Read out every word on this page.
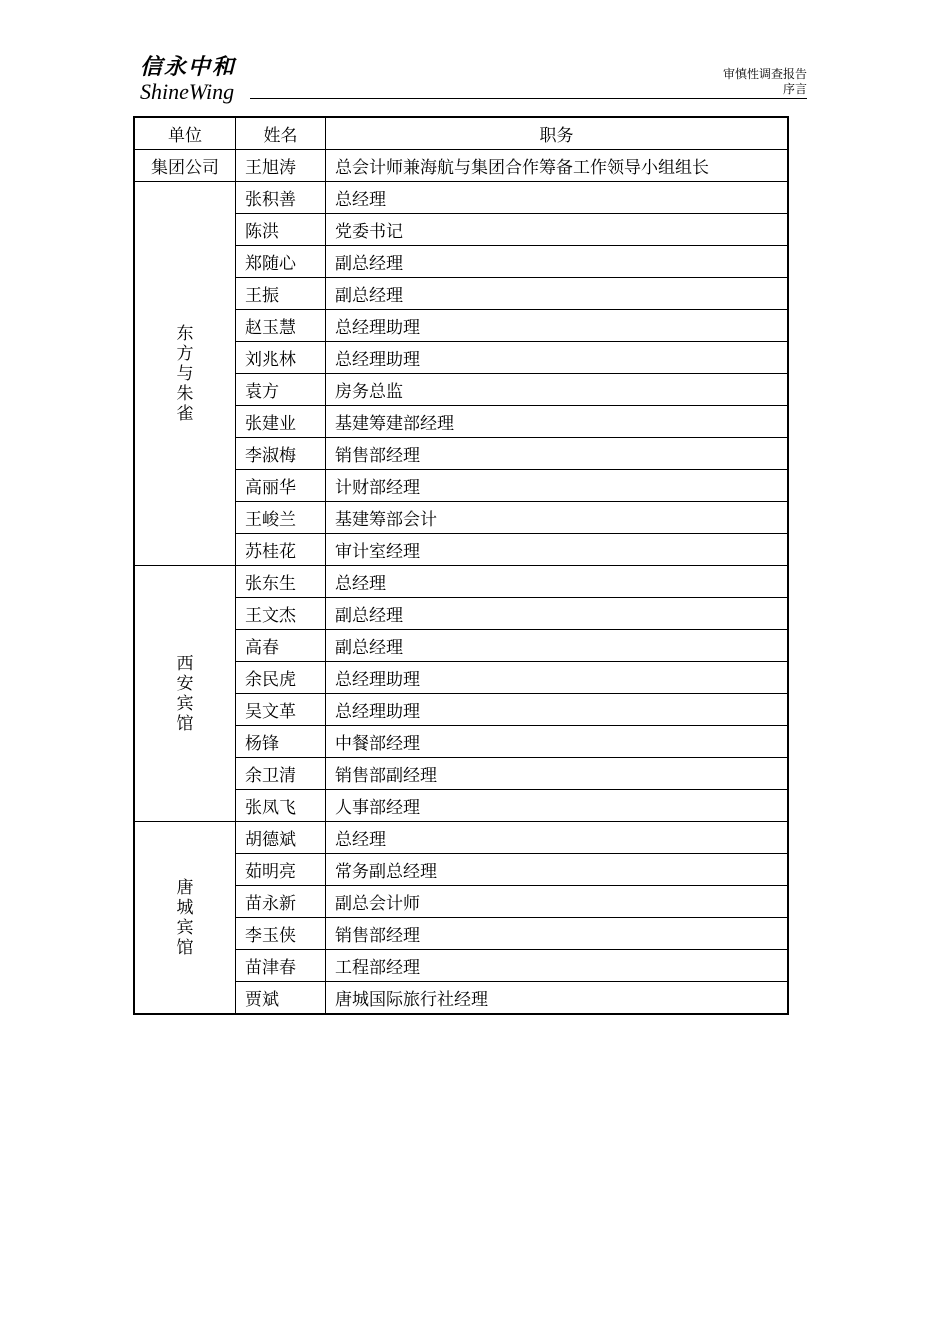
信永中和
ShineWing
审慎性调查报告
序言
单位	姓名	职务
集团公司	王旭涛	总会计师兼海航与集团合作筹备工作领导小组组长
东方与朱雀	张积善	总经理
	陈洪	党委书记
	郑随心	副总经理
	王振	副总经理
	赵玉慧	总经理助理
	刘兆林	总经理助理
	袁方	房务总监
	张建业	基建筹建部经理
	李淑梅	销售部经理
	高丽华	计财部经理
	王峻兰	基建筹部会计
	苏桂花	审计室经理
西安宾馆	张东生	总经理
	王文杰	副总经理
	高春	副总经理
	余民虎	总经理助理
	吴文革	总经理助理
	杨锋	中餐部经理
	余卫清	销售部副经理
	张凤飞	人事部经理
唐城宾馆	胡德斌	总经理
	茹明亮	常务副总经理
	苗永新	副总会计师
	李玉侠	销售部经理
	苗津春	工程部经理
	贾斌	唐城国际旅行社经理
